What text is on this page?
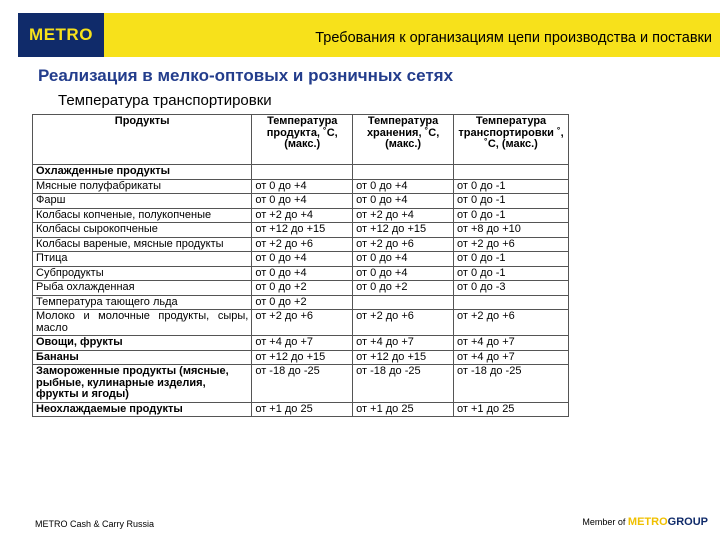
METRO	Требования к организациям цепи производства и поставки
Реализация в мелко-оптовых и розничных сетях
Температура транспортировки
Продукты	Температура продукта, ˚С, (макс.)	Температура хранения, ˚С, (макс.)	Температура транспортировки ˚, ˚С, (макс.)
Охлажденные продукты			
Мясные полуфабрикаты	от 0 до +4	от 0 до +4	от 0 до -1
Фарш	от 0 до +4	от 0 до +4	от 0 до -1
Колбасы копченые, полукопченые	от +2 до +4	от +2 до +4	от 0 до -1
Колбасы сырокопченые	от +12 до +15	от +12 до +15	от +8 до +10
Колбасы вареные, мясные продукты	от +2 до +6	от +2 до +6	от +2 до +6
Птица	от 0 до +4	от 0 до +4	от 0 до -1
Субпродукты	от 0 до +4	от 0 до +4	от 0 до -1
Рыба охлажденная	от 0 до +2	от 0 до +2	от 0 до -3
Температура тающего льда	от 0 до +2		
Молоко и молочные продукты, сыры, масло	от +2 до +6	от +2 до +6	от +2 до +6
Овощи, фрукты	от +4 до +7	от +4 до +7	от +4 до +7
Бананы	от +12 до +15	от +12 до +15	от +4 до +7
Замороженные продукты (мясные, рыбные, кулинарные изделия, фрукты и ягоды)	от -18 до -25	от -18 до -25	от -18 до -25
Неохлаждаемые продукты	от +1 до 25	от +1 до 25	от +1 до 25
METRO Cash & Carry Russia	Member of METROGROUP
